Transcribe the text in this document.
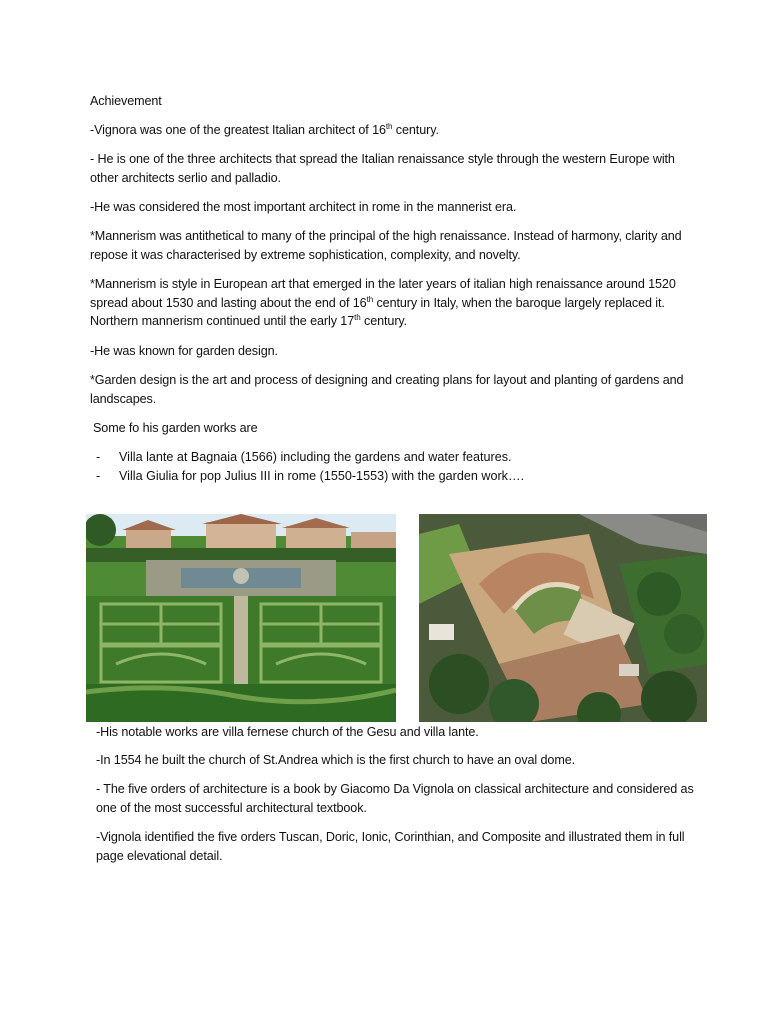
Achievement

-Vignora was one of the greatest Italian architect of 16th century.

- He is one of the three architects that spread the Italian renaissance style through the western Europe with other architects serlio and palladio.

-He was considered the most important architect in rome in the mannerist era.

*Mannerism was antithetical to many of the principal of the high renaissance. Instead of harmony, clarity and repose it was characterised by extreme sophistication, complexity, and novelty.

*Mannerism is style in European art that emerged in the later years of italian high renaissance around 1520 spread about 1530 and lasting about the end of 16th century in Italy, when the baroque largely replaced it. Northern mannerism continued until the early 17th century.

-He was known for garden design.

*Garden design is the art and process of designing and creating plans for layout and planting of gardens and landscapes.

Some fo his garden works are

- Villa lante at Bagnaia (1566) including the gardens and water features.
- Villa Giulia for pop Julius III in rome (1550-1553) with the garden work….

-His notable works are villa fernese church of the Gesu and villa lante.

-In 1554 he built the church of St.Andrea which is the first church to have an oval dome.

- The five orders of architecture is a book by Giacomo Da Vignola on classical architecture and considered as one of the most successful architectural textbook.

-Vignola identified the five orders Tuscan, Doric, Ionic, Corinthian, and Composite and illustrated them in full page elevational detail.
